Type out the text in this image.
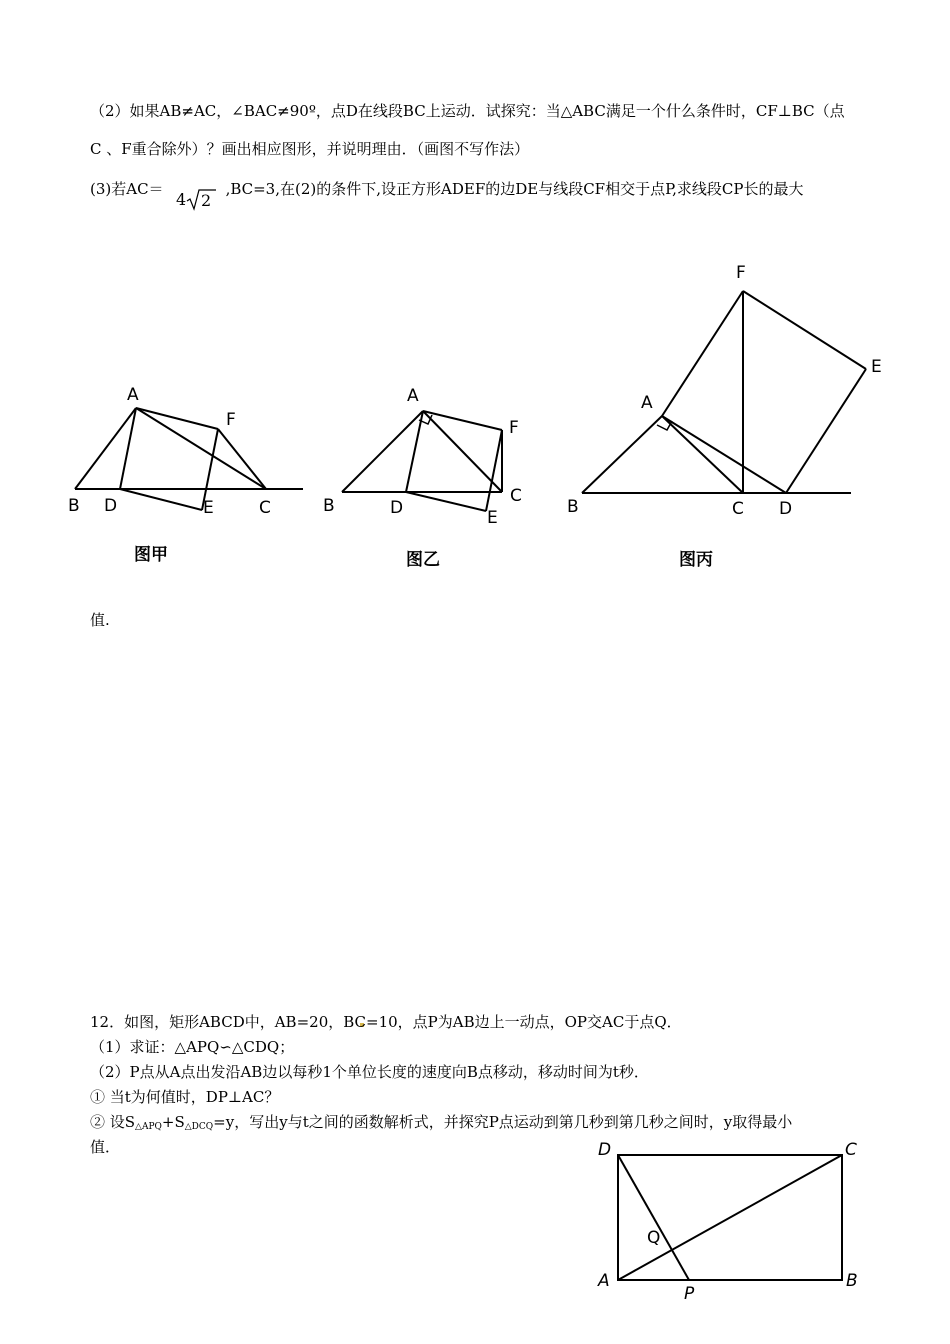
（2）如果AB≠AC，∠BAC≠90º，点D在线段BC上运动．试探究：当△ABC满足一个什么条件时，CF⊥BC（点
C 、F重合除外）？画出相应图形，并说明理由．（画图不写作法）
(3)若AC＝	,BC=3,在(2)的条件下,设正方形ADEF的边DE与线段CF相交于点P,求线段CP长的最大
4 2
A
F
B D	E	C
图甲
A
F
B	D
C
E
图乙
F
E
A
B	C D
图丙
值.
12．如图，矩形ABCD中，AB=20，BC=10，点P为AB边上一动点，OP交AC于点Q．
（1）求证：△APQ∽△CDQ；
（2）P点从A点出发沿AB边以每秒1个单位长度的速度向B点移动，移动时间为t秒．
① 当t为何值时，DP⊥AC？
② 设S△APQ+S△DCQ=y，写出y与t之间的函数解析式，并探究P点运动到第几秒到第几秒之间时，y取得最小
值．	D	C
Q
A	B
P
